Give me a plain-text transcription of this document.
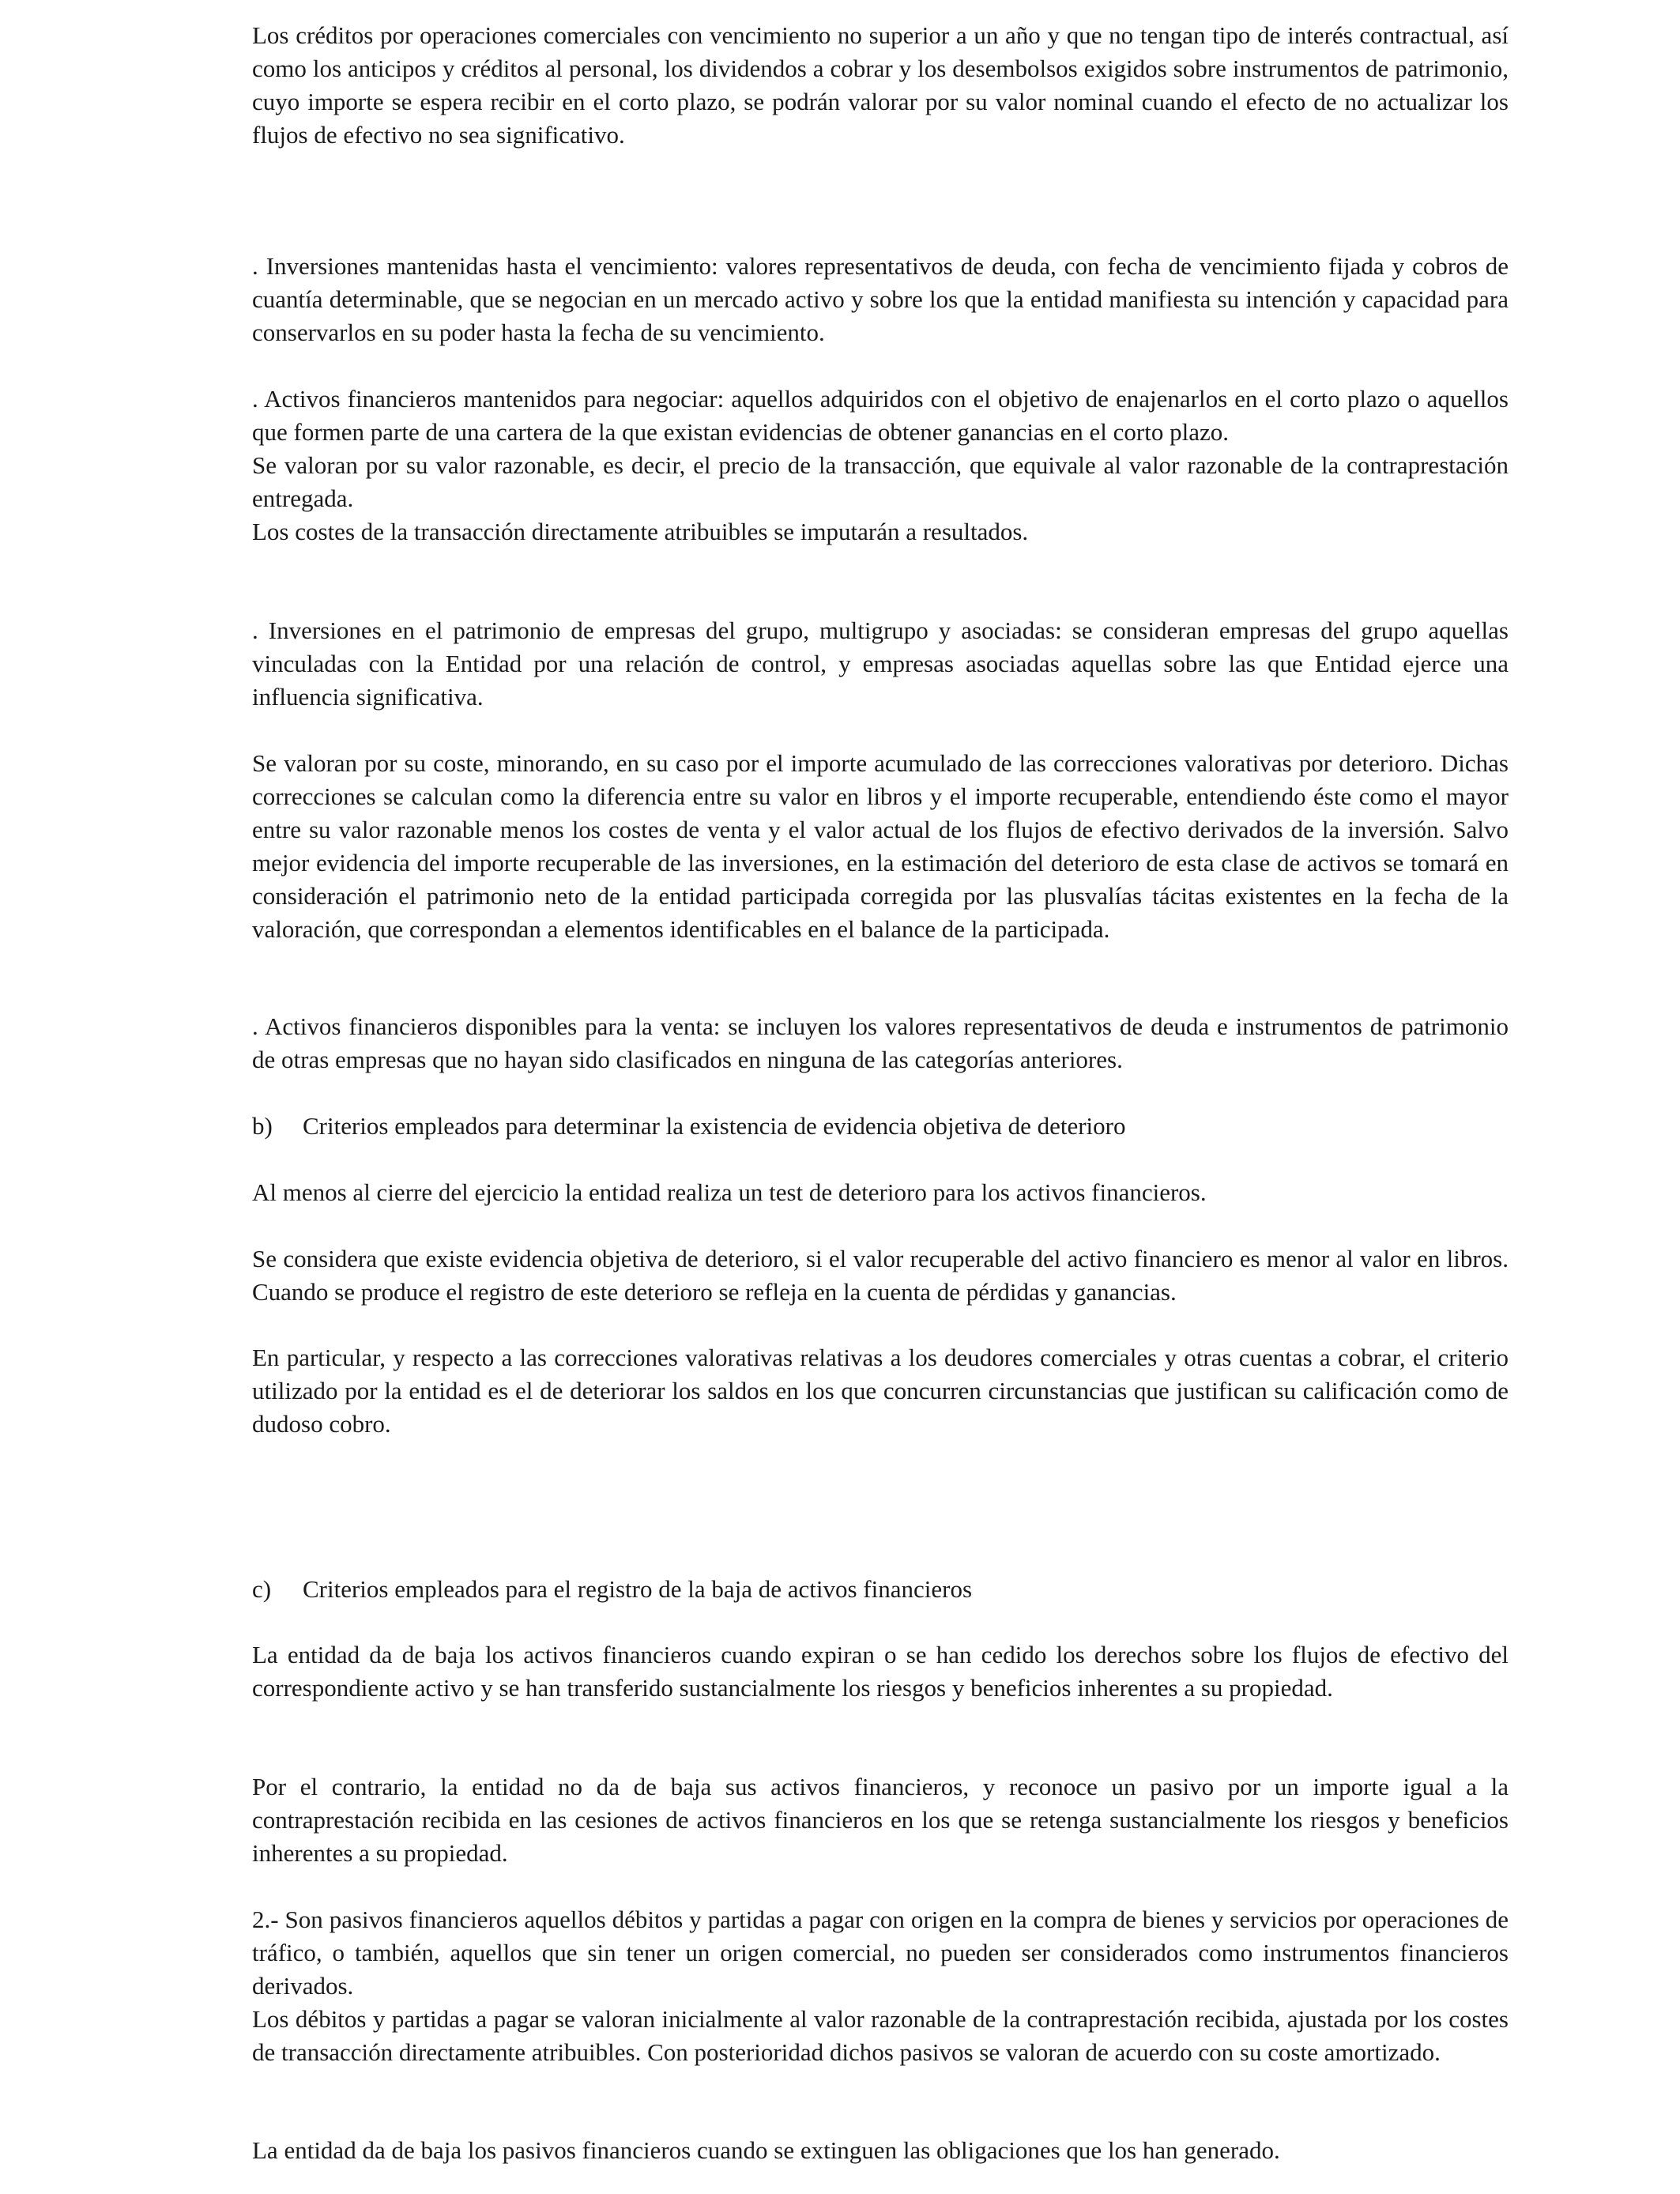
Los créditos por operaciones comerciales con vencimiento no superior a un año y que no tengan tipo de interés contractual, así como los anticipos y créditos al personal, los dividendos a cobrar y los desembolsos exigidos sobre instrumentos de patrimonio, cuyo importe se espera recibir en el corto plazo, se podrán valorar por su valor nominal cuando el efecto de no actualizar los flujos de efectivo no sea significativo.

. Inversiones mantenidas hasta el vencimiento: valores representativos de deuda, con fecha de vencimiento fijada y cobros de cuantía determinable, que se negocian en un mercado activo y sobre los que la entidad manifiesta su intención y capacidad para conservarlos en su poder hasta la fecha de su vencimiento.

. Activos financieros mantenidos para negociar: aquellos adquiridos con el objetivo de enajenarlos en el corto plazo o aquellos que formen parte de una cartera de la que existan evidencias de obtener ganancias en el corto plazo.
Se valoran por su valor razonable, es decir, el precio de la transacción, que equivale al valor razonable de la contraprestación entregada.
Los costes de la transacción directamente atribuibles se imputarán a resultados.

. Inversiones en el patrimonio de empresas del grupo, multigrupo y asociadas: se consideran empresas del grupo aquellas vinculadas con la Entidad por una relación de control, y empresas asociadas aquellas sobre las que Entidad ejerce una influencia significativa.

Se valoran por su coste, minorando, en su caso por el importe acumulado de las correcciones valorativas por deterioro. Dichas correcciones se calculan como la diferencia entre su valor en libros y el importe recuperable, entendiendo éste como el mayor entre su valor razonable menos los costes de venta y el valor actual de los flujos de efectivo derivados de la inversión. Salvo mejor evidencia del importe recuperable de las inversiones, en la estimación del deterioro de esta clase de activos se tomará en consideración el patrimonio neto de la entidad participada corregida por las plusvalías tácitas existentes en la fecha de la valoración, que correspondan a elementos identificables en el balance de la participada.

. Activos financieros disponibles para la venta: se incluyen los valores representativos de deuda e instrumentos de patrimonio de otras empresas que no hayan sido clasificados en ninguna de las categorías anteriores.

b) Criterios empleados para determinar la existencia de evidencia objetiva de deterioro

Al menos al cierre del ejercicio la entidad realiza un test de deterioro para los activos financieros.

Se considera que existe evidencia objetiva de deterioro, si el valor recuperable del activo financiero es menor al valor en libros. Cuando se produce el registro de este deterioro se refleja en la cuenta de pérdidas y ganancias.

En particular, y respecto a las correcciones valorativas relativas a los deudores comerciales y otras cuentas a cobrar, el criterio utilizado por la entidad es el de deteriorar los saldos en los que concurren circunstancias que justifican su calificación como de dudoso cobro.

c) Criterios empleados para el registro de la baja de activos financieros

La entidad da de baja los activos financieros cuando expiran o se han cedido los derechos sobre los flujos de efectivo del correspondiente activo y se han transferido sustancialmente los riesgos y beneficios inherentes a su propiedad.

Por el contrario, la entidad no da de baja sus activos financieros, y reconoce un pasivo por un importe igual a la contraprestación recibida en las cesiones de activos financieros en los que se retenga sustancialmente los riesgos y beneficios inherentes a su propiedad.

2.- Son pasivos financieros aquellos débitos y partidas a pagar con origen en la compra de bienes y servicios por operaciones de tráfico, o también, aquellos que sin tener un origen comercial, no pueden ser considerados como instrumentos financieros derivados.
Los débitos y partidas a pagar se valoran inicialmente al valor razonable de la contraprestación recibida, ajustada por los costes de transacción directamente atribuibles. Con posterioridad dichos pasivos se valoran de acuerdo con su coste amortizado.

La entidad da de baja los pasivos financieros cuando se extinguen las obligaciones que los han generado.
